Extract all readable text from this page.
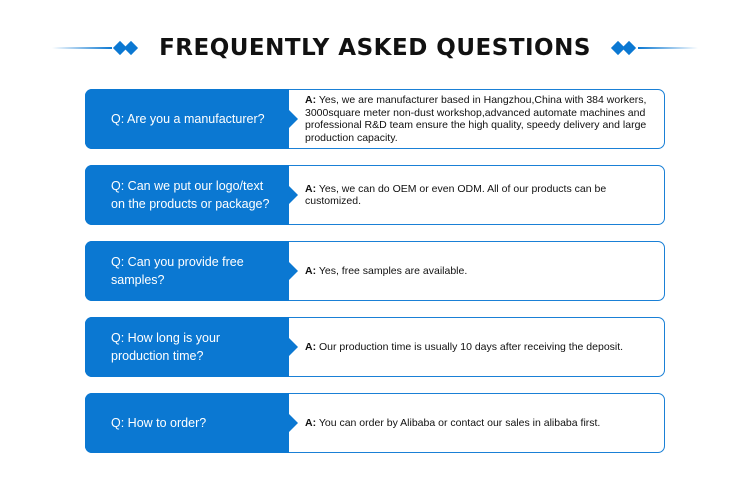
FREQUENTLY ASKED QUESTIONS
Q: Are you a manufacturer?
A: Yes, we are manufacturer based in Hangzhou,China with 384 workers, 3000square meter non-dust workshop,advanced automate machines and professional R&D team ensure the high quality, speedy delivery and large production capacity.
Q: Can we put our logo/text on the products or package?
A: Yes, we can do OEM or even ODM. All of our products can be customized.
Q: Can you provide free samples?
A: Yes, free samples are available.
Q: How long is your production time?
A: Our production time is usually 10 days after receiving the deposit.
Q: How to order?	A: You can order by Alibaba or contact our sales in alibaba first.
